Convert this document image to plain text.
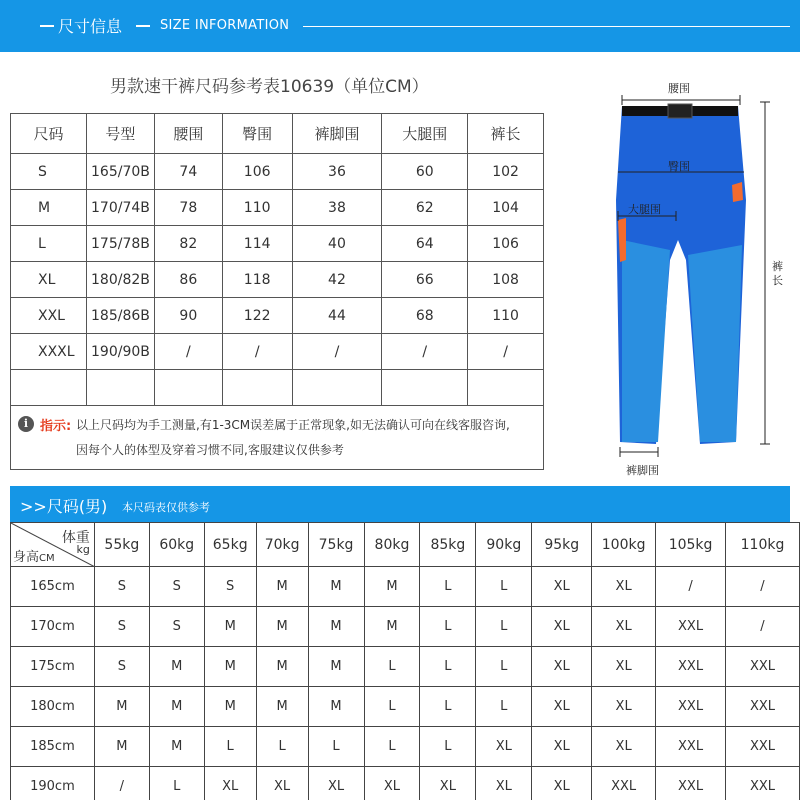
尺寸信息	SIZE INFORMATION
男款速干裤尺码参考表10639（单位CM）
尺码	号型	腰围	臀围	裤脚围	大腿围	裤长
S	165/70B	74	106	36	60	102
M	170/74B	78	110	38	62	104
L	175/78B	82	114	40	64	106
XL	180/82B	86	118	42	66	108
XXL	185/86B	90	122	44	68	110
XXXL	190/90B	/	/	/	/	/

i 指示: 以上尺码均为手工测量,有1-3CM误差属于正常现象,如无法确认可向在线客服咨询,
因每个人的体型及穿着习惯不同,客服建议仅供参考
腰围
臀围
大腿围
裤长
裤脚围
>>尺码(男) 本尺码表仅供参考
体重
kg
身高CM	55kg	60kg	65kg	70kg	75kg	80kg	85kg	90kg	95kg	100kg	105kg	110kg
165cm	S	S	S	M	M	M	L	L	XL	XL	/	/
170cm	S	S	M	M	M	M	L	L	XL	XL	XXL	/
175cm	S	M	M	M	M	L	L	L	XL	XL	XXL	XXL
180cm	M	M	M	M	M	L	L	L	XL	XL	XXL	XXL
185cm	M	M	L	L	L	L	L	XL	XL	XL	XXL	XXL
190cm	/	L	XL	XL	XL	XL	XL	XL	XL	XXL	XXL	XXL
